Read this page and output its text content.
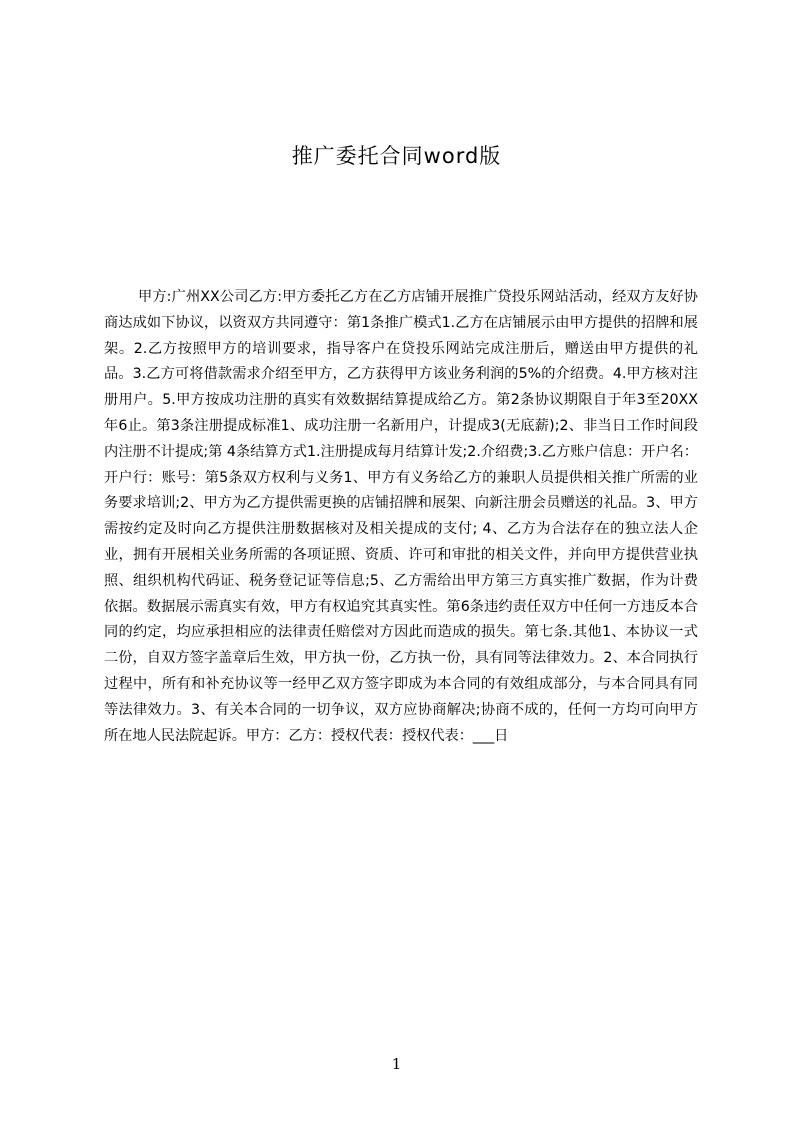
推广委托合同word版

甲方:广州XX公司乙方:甲方委托乙方在乙方店铺开展推广贷投乐网站活动，经双方友好协商达成如下协议，以资双方共同遵守：第1条推广模式1.乙方在店铺展示由甲方提供的招牌和展架。2.乙方按照甲方的培训要求，指导客户在贷投乐网站完成注册后，赠送由甲方提供的礼品。3.乙方可将借款需求介绍至甲方，乙方获得甲方该业务利润的5%的介绍费。4.甲方核对注册用户。5.甲方按成功注册的真实有效数据结算提成给乙方。第2条协议期限自于年3至20XX年6止。第3条注册提成标准1、成功注册一名新用户，计提成3(无底薪);2、非当日工作时间段内注册不计提成;第 4条结算方式1.注册提成每月结算计发;2.介绍费;3.乙方账户信息：开户名：开户行：账号：第5条双方权利与义务1、甲方有义务给乙方的兼职人员提供相关推广所需的业务要求培训;2、甲方为乙方提供需更换的店铺招牌和展架、向新注册会员赠送的礼品。3、甲方需按约定及时向乙方提供注册数据核对及相关提成的支付; 4、乙方为合法存在的独立法人企业，拥有开展相关业务所需的各项证照、资质、许可和审批的相关文件，并向甲方提供营业执照、组织机构代码证、税务登记证等信息;5、乙方需给出甲方第三方真实推广数据，作为计费依据。数据展示需真实有效，甲方有权追究其真实性。第6条违约责任双方中任何一方违反本合同的约定，均应承担相应的法律责任赔偿对方因此而造成的损失。第七条.其他1、本协议一式二份，自双方签字盖章后生效，甲方执一份，乙方执一份，具有同等法律效力。2、本合同执行过程中，所有和补充协议等一经甲乙双方签字即成为本合同的有效组成部分，与本合同具有同等法律效力。3、有关本合同的一切争议，双方应协商解决;协商不成的，任何一方均可向甲方所在地人民法院起诉。甲方：乙方：授权代表：授权代表：___日

1
